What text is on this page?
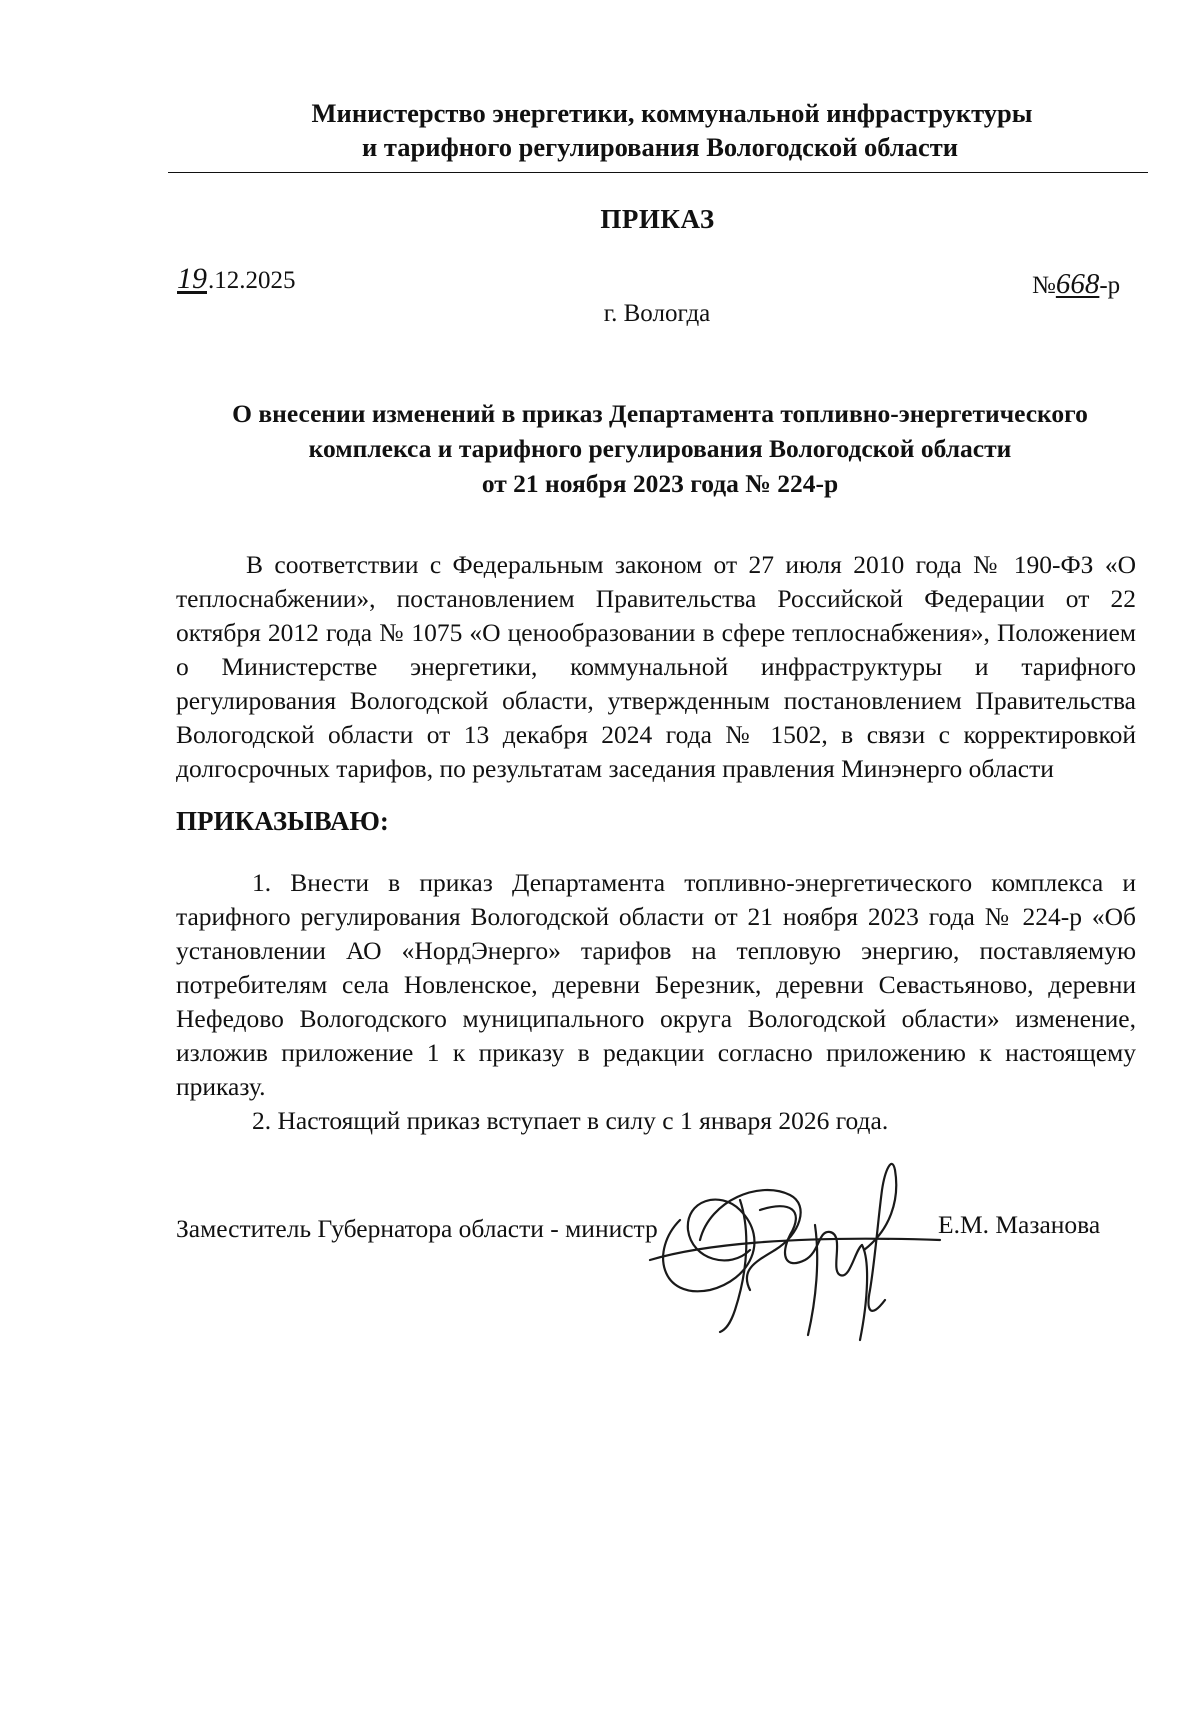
Министерство энергетики, коммунальной инфраструктуры
и тарифного регулирования Вологодской области
ПРИКАЗ
19.12.2025	№668-р
г. Вологда
О внесении изменений в приказ Департамента топливно-энергетического
комплекса и тарифного регулирования Вологодской области
от 21 ноября 2023 года № 224-р

В соответствии с Федеральным законом от 27 июля 2010 года № 190-ФЗ «О теплоснабжении», постановлением Правительства Российской Федерации от 22 октября 2012 года № 1075 «О ценообразовании в сфере теплоснабжения», Положением о Министерстве энергетики, коммунальной инфраструктуры и тарифного регулирования Вологодской области, утвержденным постановлением Правительства Вологодской области от 13 декабря 2024 года № 1502, в связи с корректировкой долгосрочных тарифов, по результатам заседания правления Минэнерго области

ПРИКАЗЫВАЮ:

1. Внести в приказ Департамента топливно-энергетического комплекса и тарифного регулирования Вологодской области от 21 ноября 2023 года № 224-р «Об установлении АО «НордЭнерго» тарифов на тепловую энергию, поставляемую потребителям села Новленское, деревни Березник, деревни Севастьяново, деревни Нефедово Вологодского муниципального округа Вологодской области» изменение, изложив приложение 1 к приказу в редакции согласно приложению к настоящему приказу.

2. Настоящий приказ вступает в силу с 1 января 2026 года.

Заместитель Губернатора области - министр	Е.М. Мазанова
